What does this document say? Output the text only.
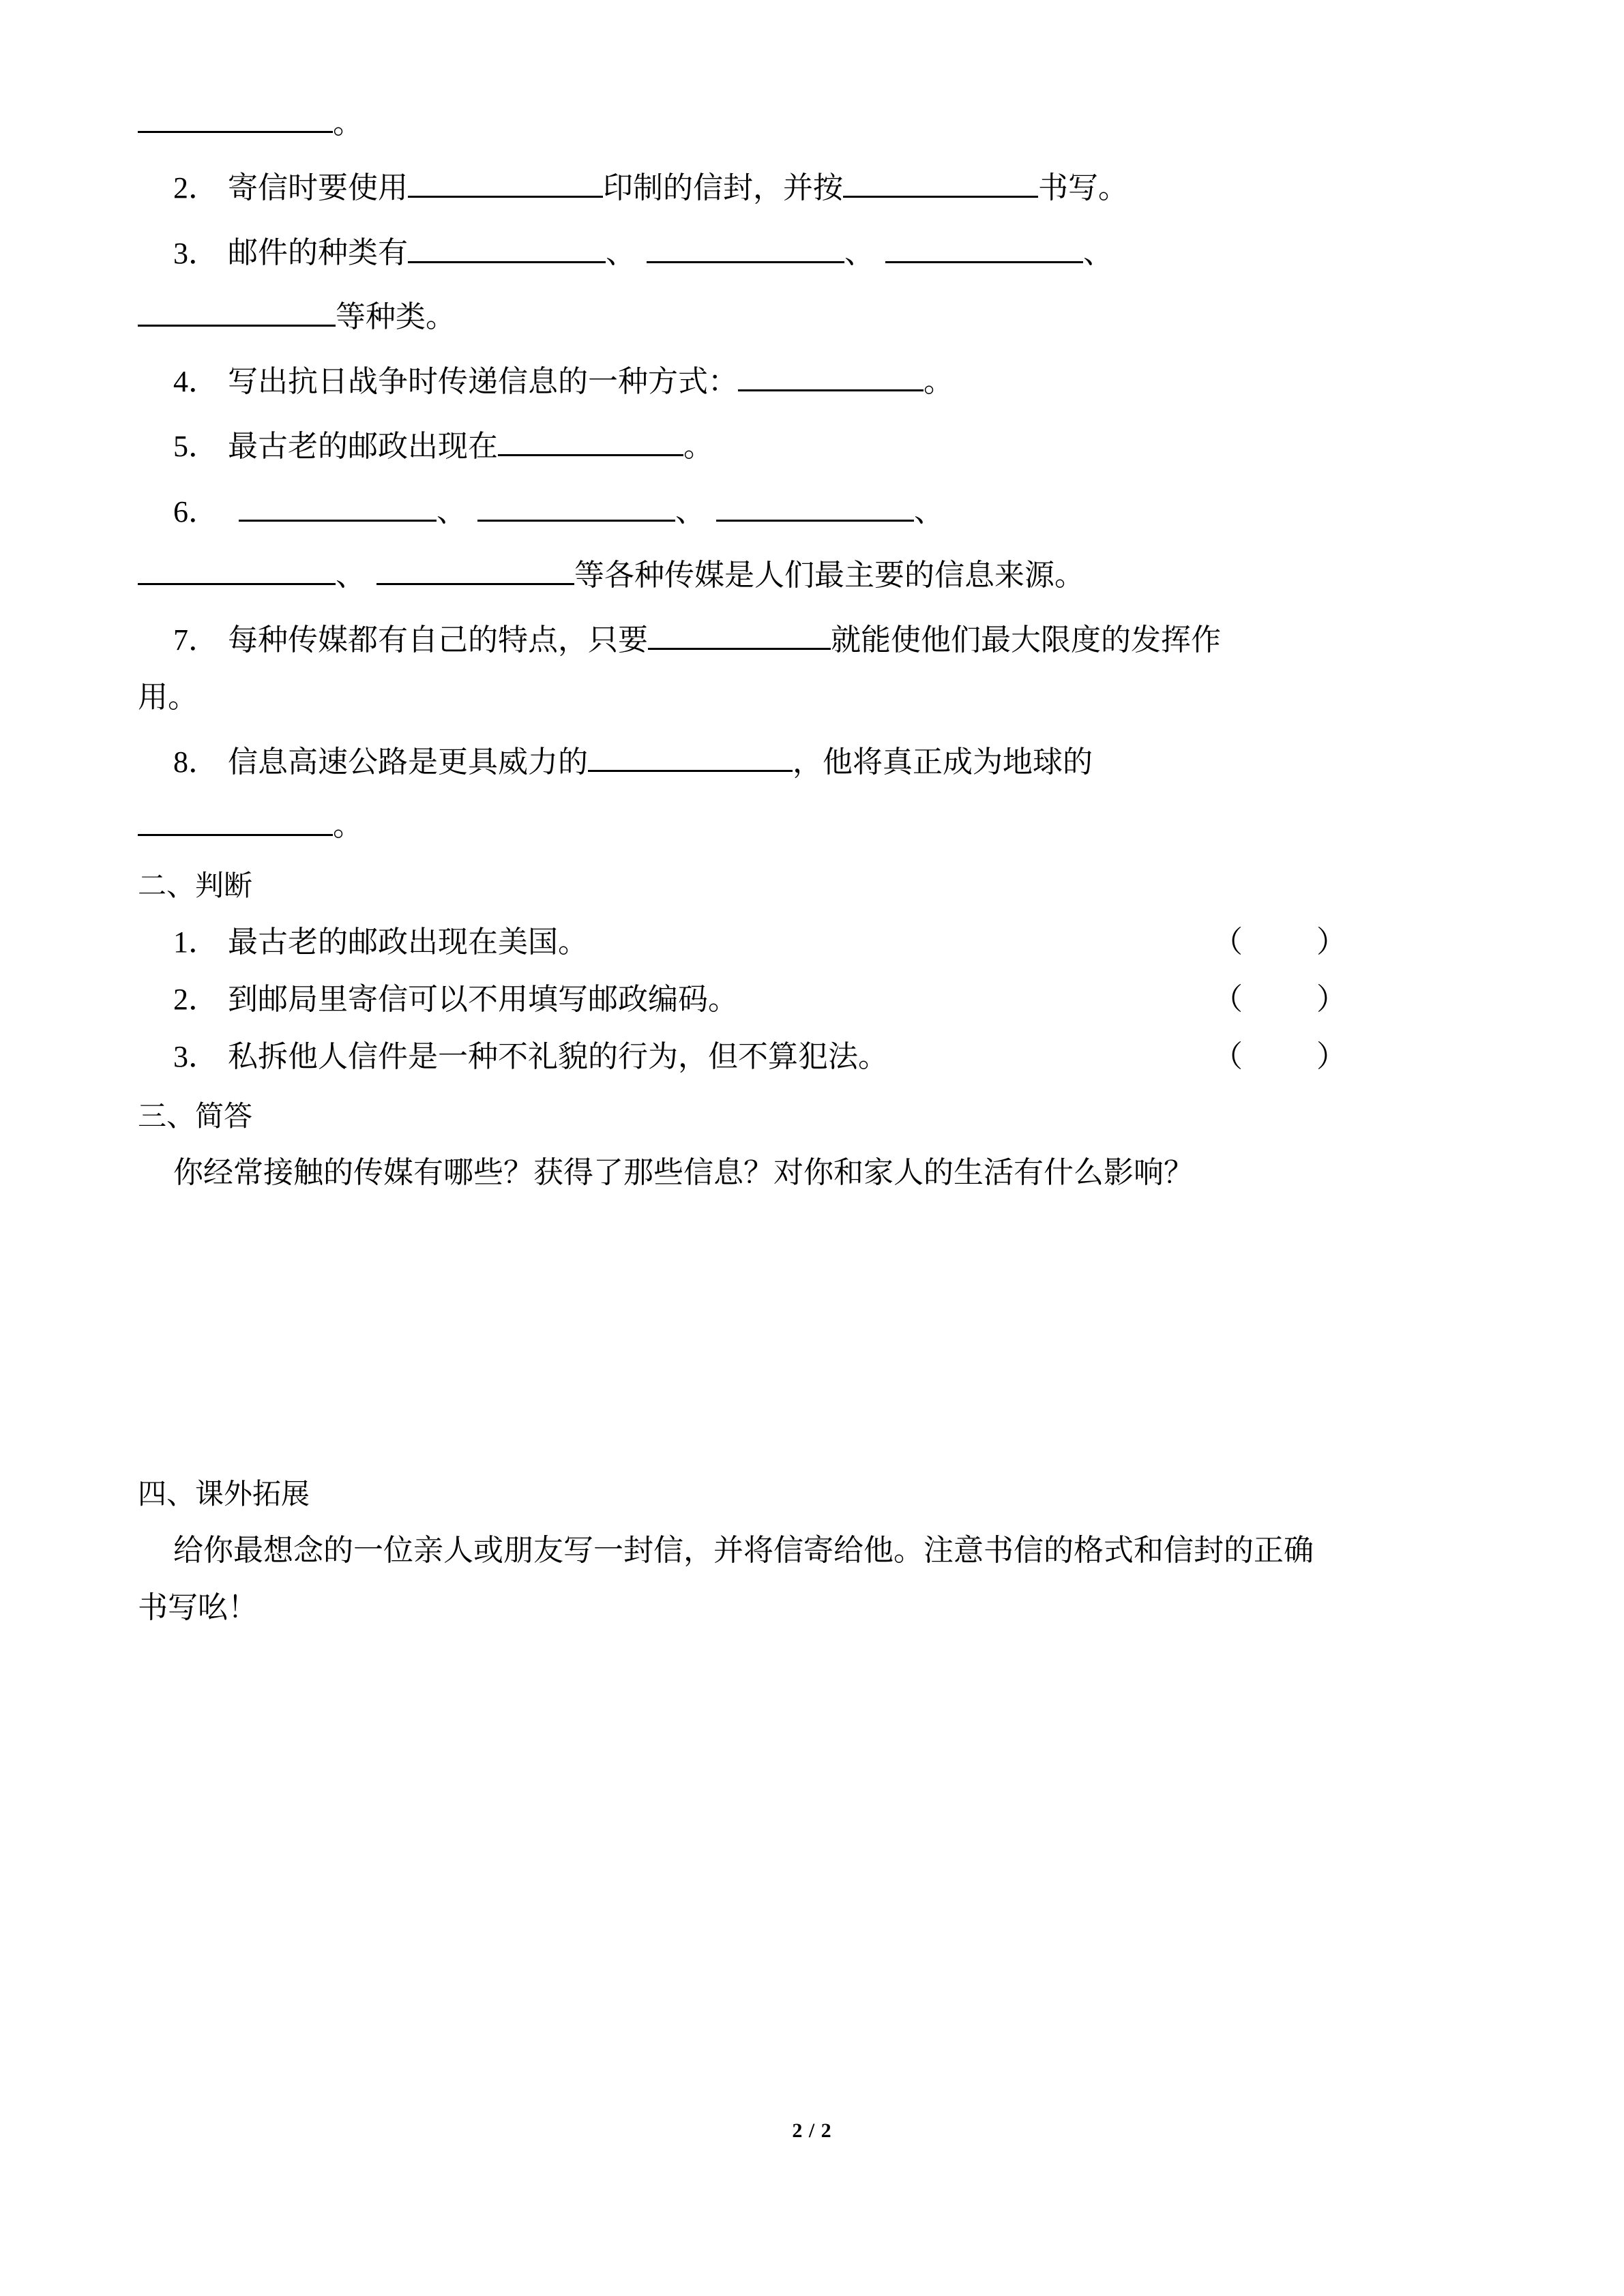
。
2． 寄信时要使用	印制的信封，并按	书写。
3． 邮件的种类有	、	、	、
等种类。
4． 写出抗日战争时传递信息的一种方式：	。
5． 最古老的邮政出现在	。
6．	、	、	、
、	等各种传媒是人们最主要的信息来源。
7． 每种传媒都有自己的特点，只要	就能使他们最大限度的发挥作
用。
8． 信息高速公路是更具威力的	，他将真正成为地球的
。
二、判断
1． 最古老的邮政出现在美国。	（ ）
2． 到邮局里寄信可以不用填写邮政编码。	（ ）
3． 私拆他人信件是一种不礼貌的行为，但不算犯法。	（ ）
三、简答
你经常接触的传媒有哪些？获得了那些信息？对你和家人的生活有什么影响？
四、课外拓展
给你最想念的一位亲人或朋友写一封信，并将信寄给他。注意书信的格式和信封的正确
书写吆！
2 / 2
